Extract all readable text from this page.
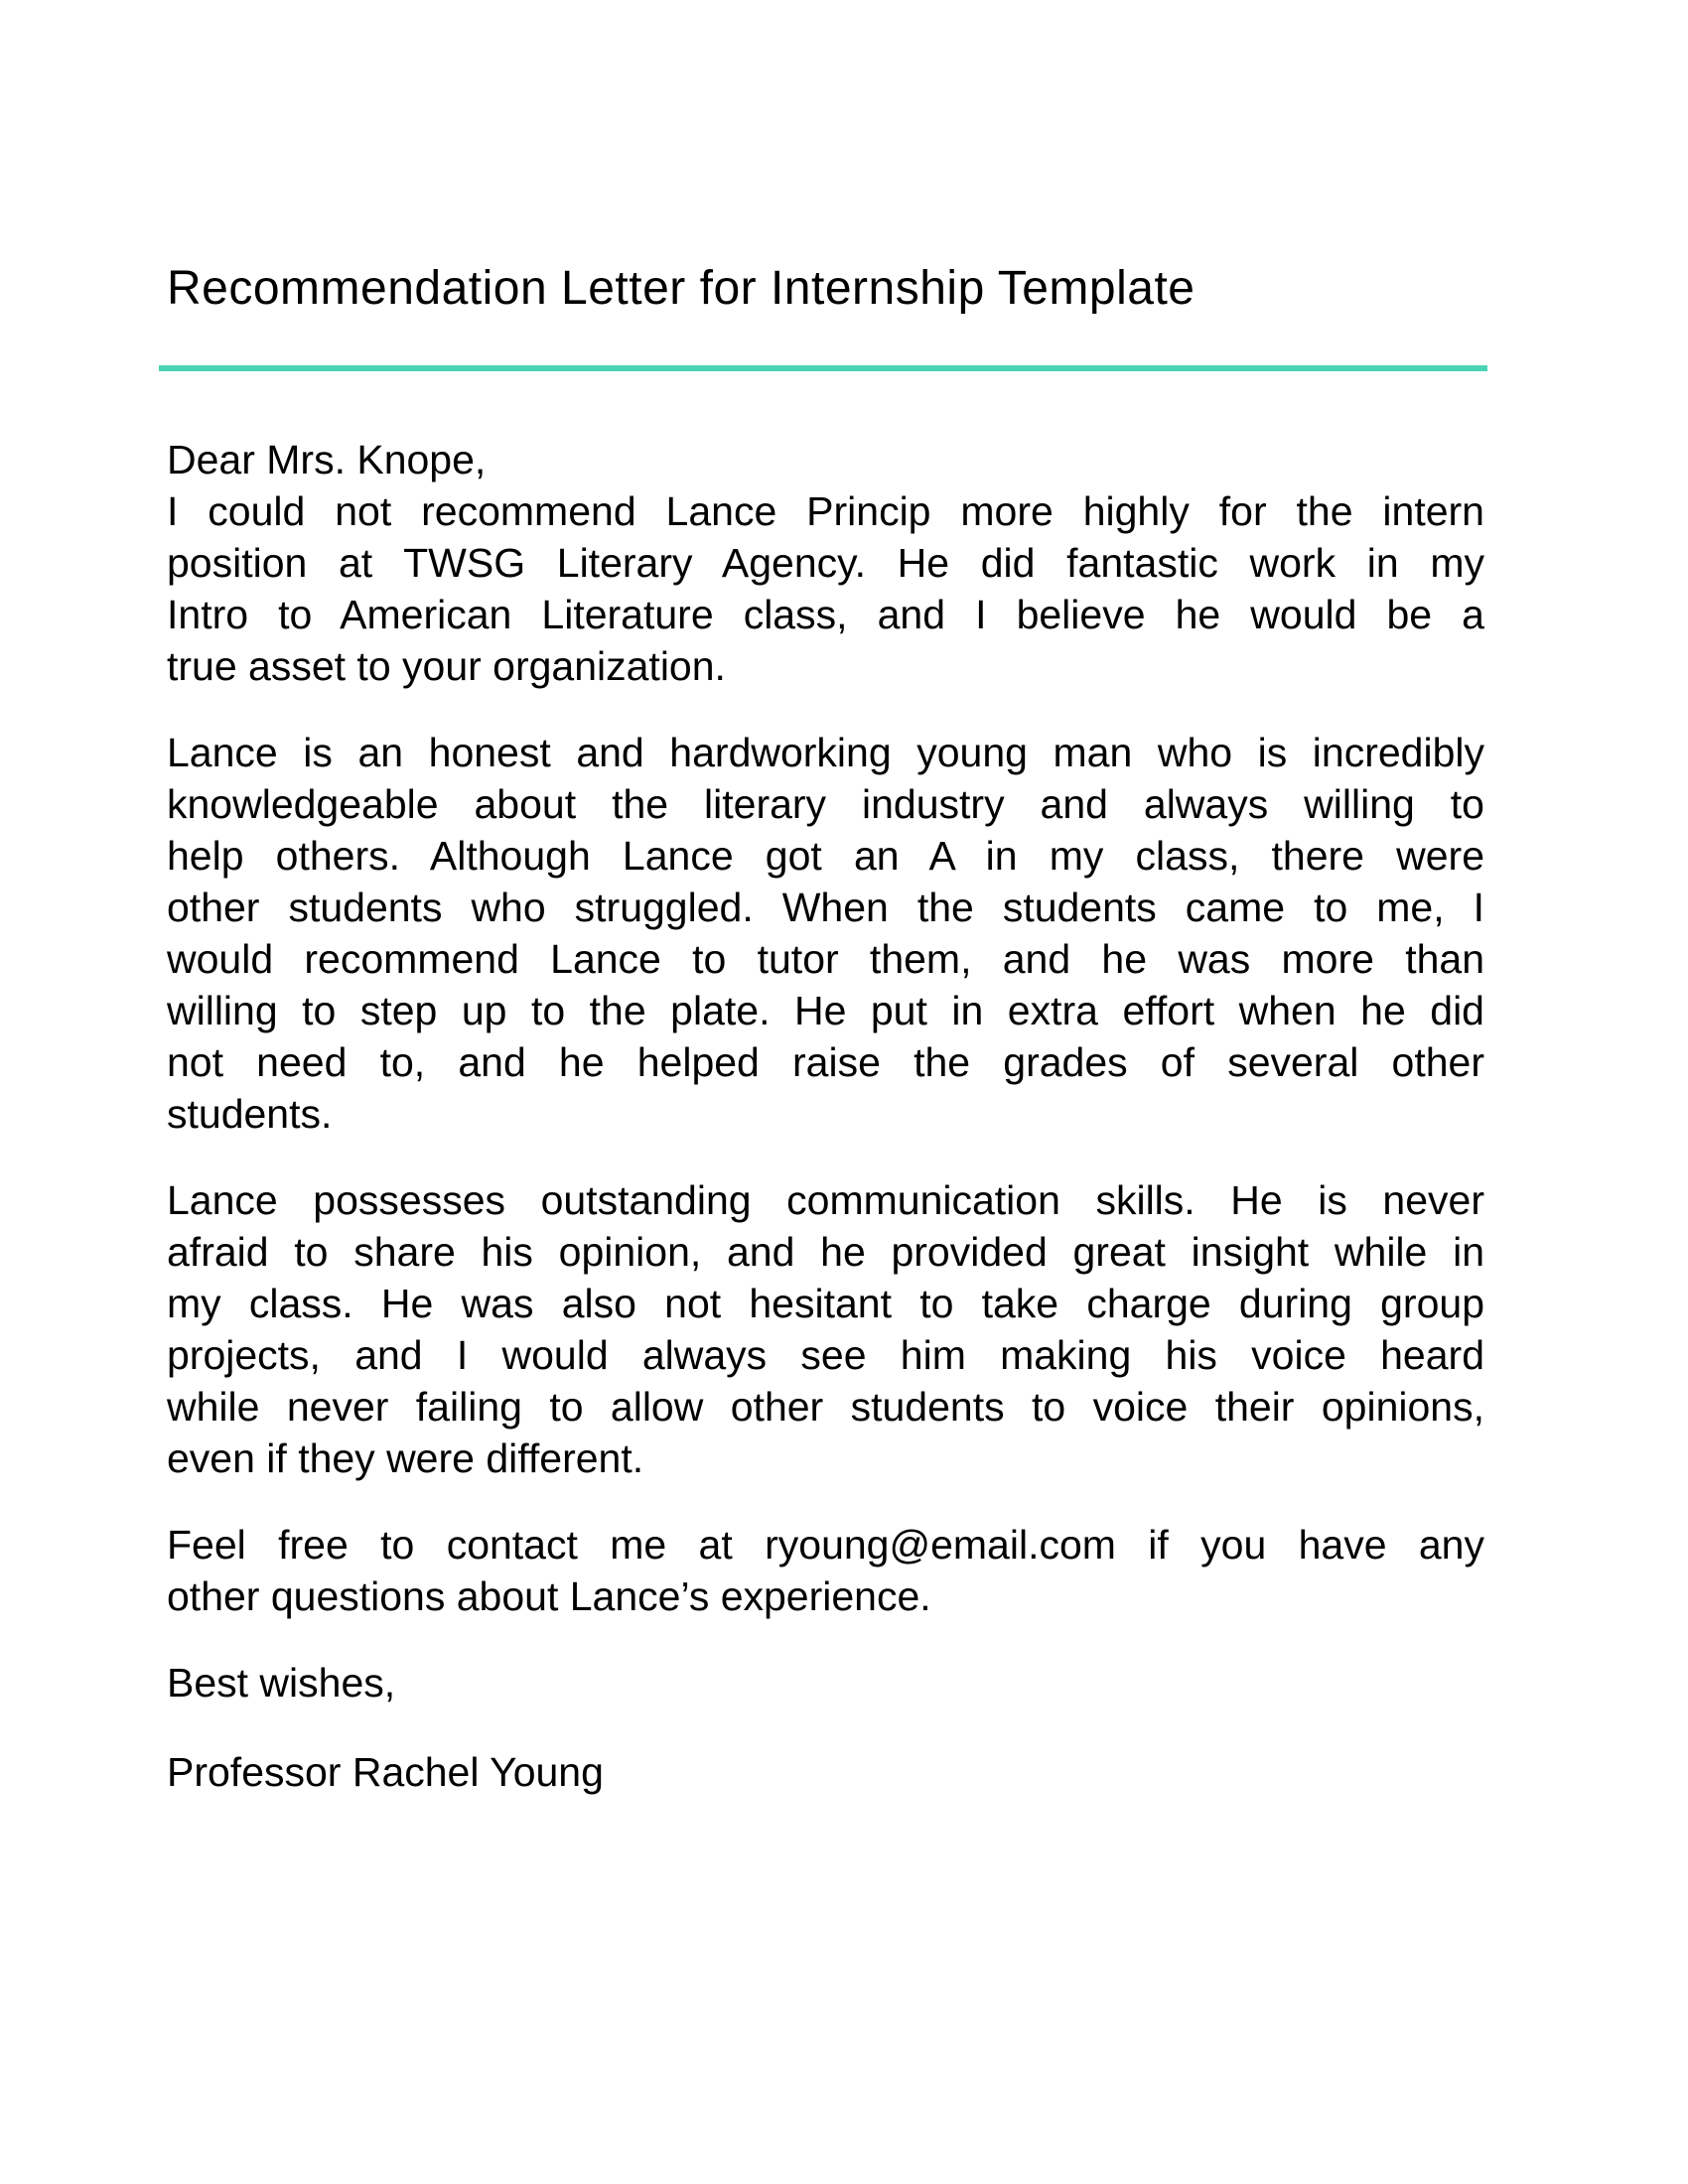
Recommendation Letter for Internship Template
Dear Mrs. Knope,
I could not recommend Lance Princip more highly for the intern
position at TWSG Literary Agency. He did fantastic work in my
Intro to American Literature class, and I believe he would be a
true asset to your organization.
Lance is an honest and hardworking young man who is incredibly
knowledgeable about the literary industry and always willing to
help others. Although Lance got an A in my class, there were
other students who struggled. When the students came to me, I
would recommend Lance to tutor them, and he was more than
willing to step up to the plate. He put in extra effort when he did
not need to, and he helped raise the grades of several other
students.
Lance possesses outstanding communication skills. He is never
afraid to share his opinion, and he provided great insight while in
my class. He was also not hesitant to take charge during group
projects, and I would always see him making his voice heard
while never failing to allow other students to voice their opinions,
even if they were different.
Feel free to contact me at ryoung@email.com if you have any
other questions about Lance’s experience.
Best wishes,
Professor Rachel Young
